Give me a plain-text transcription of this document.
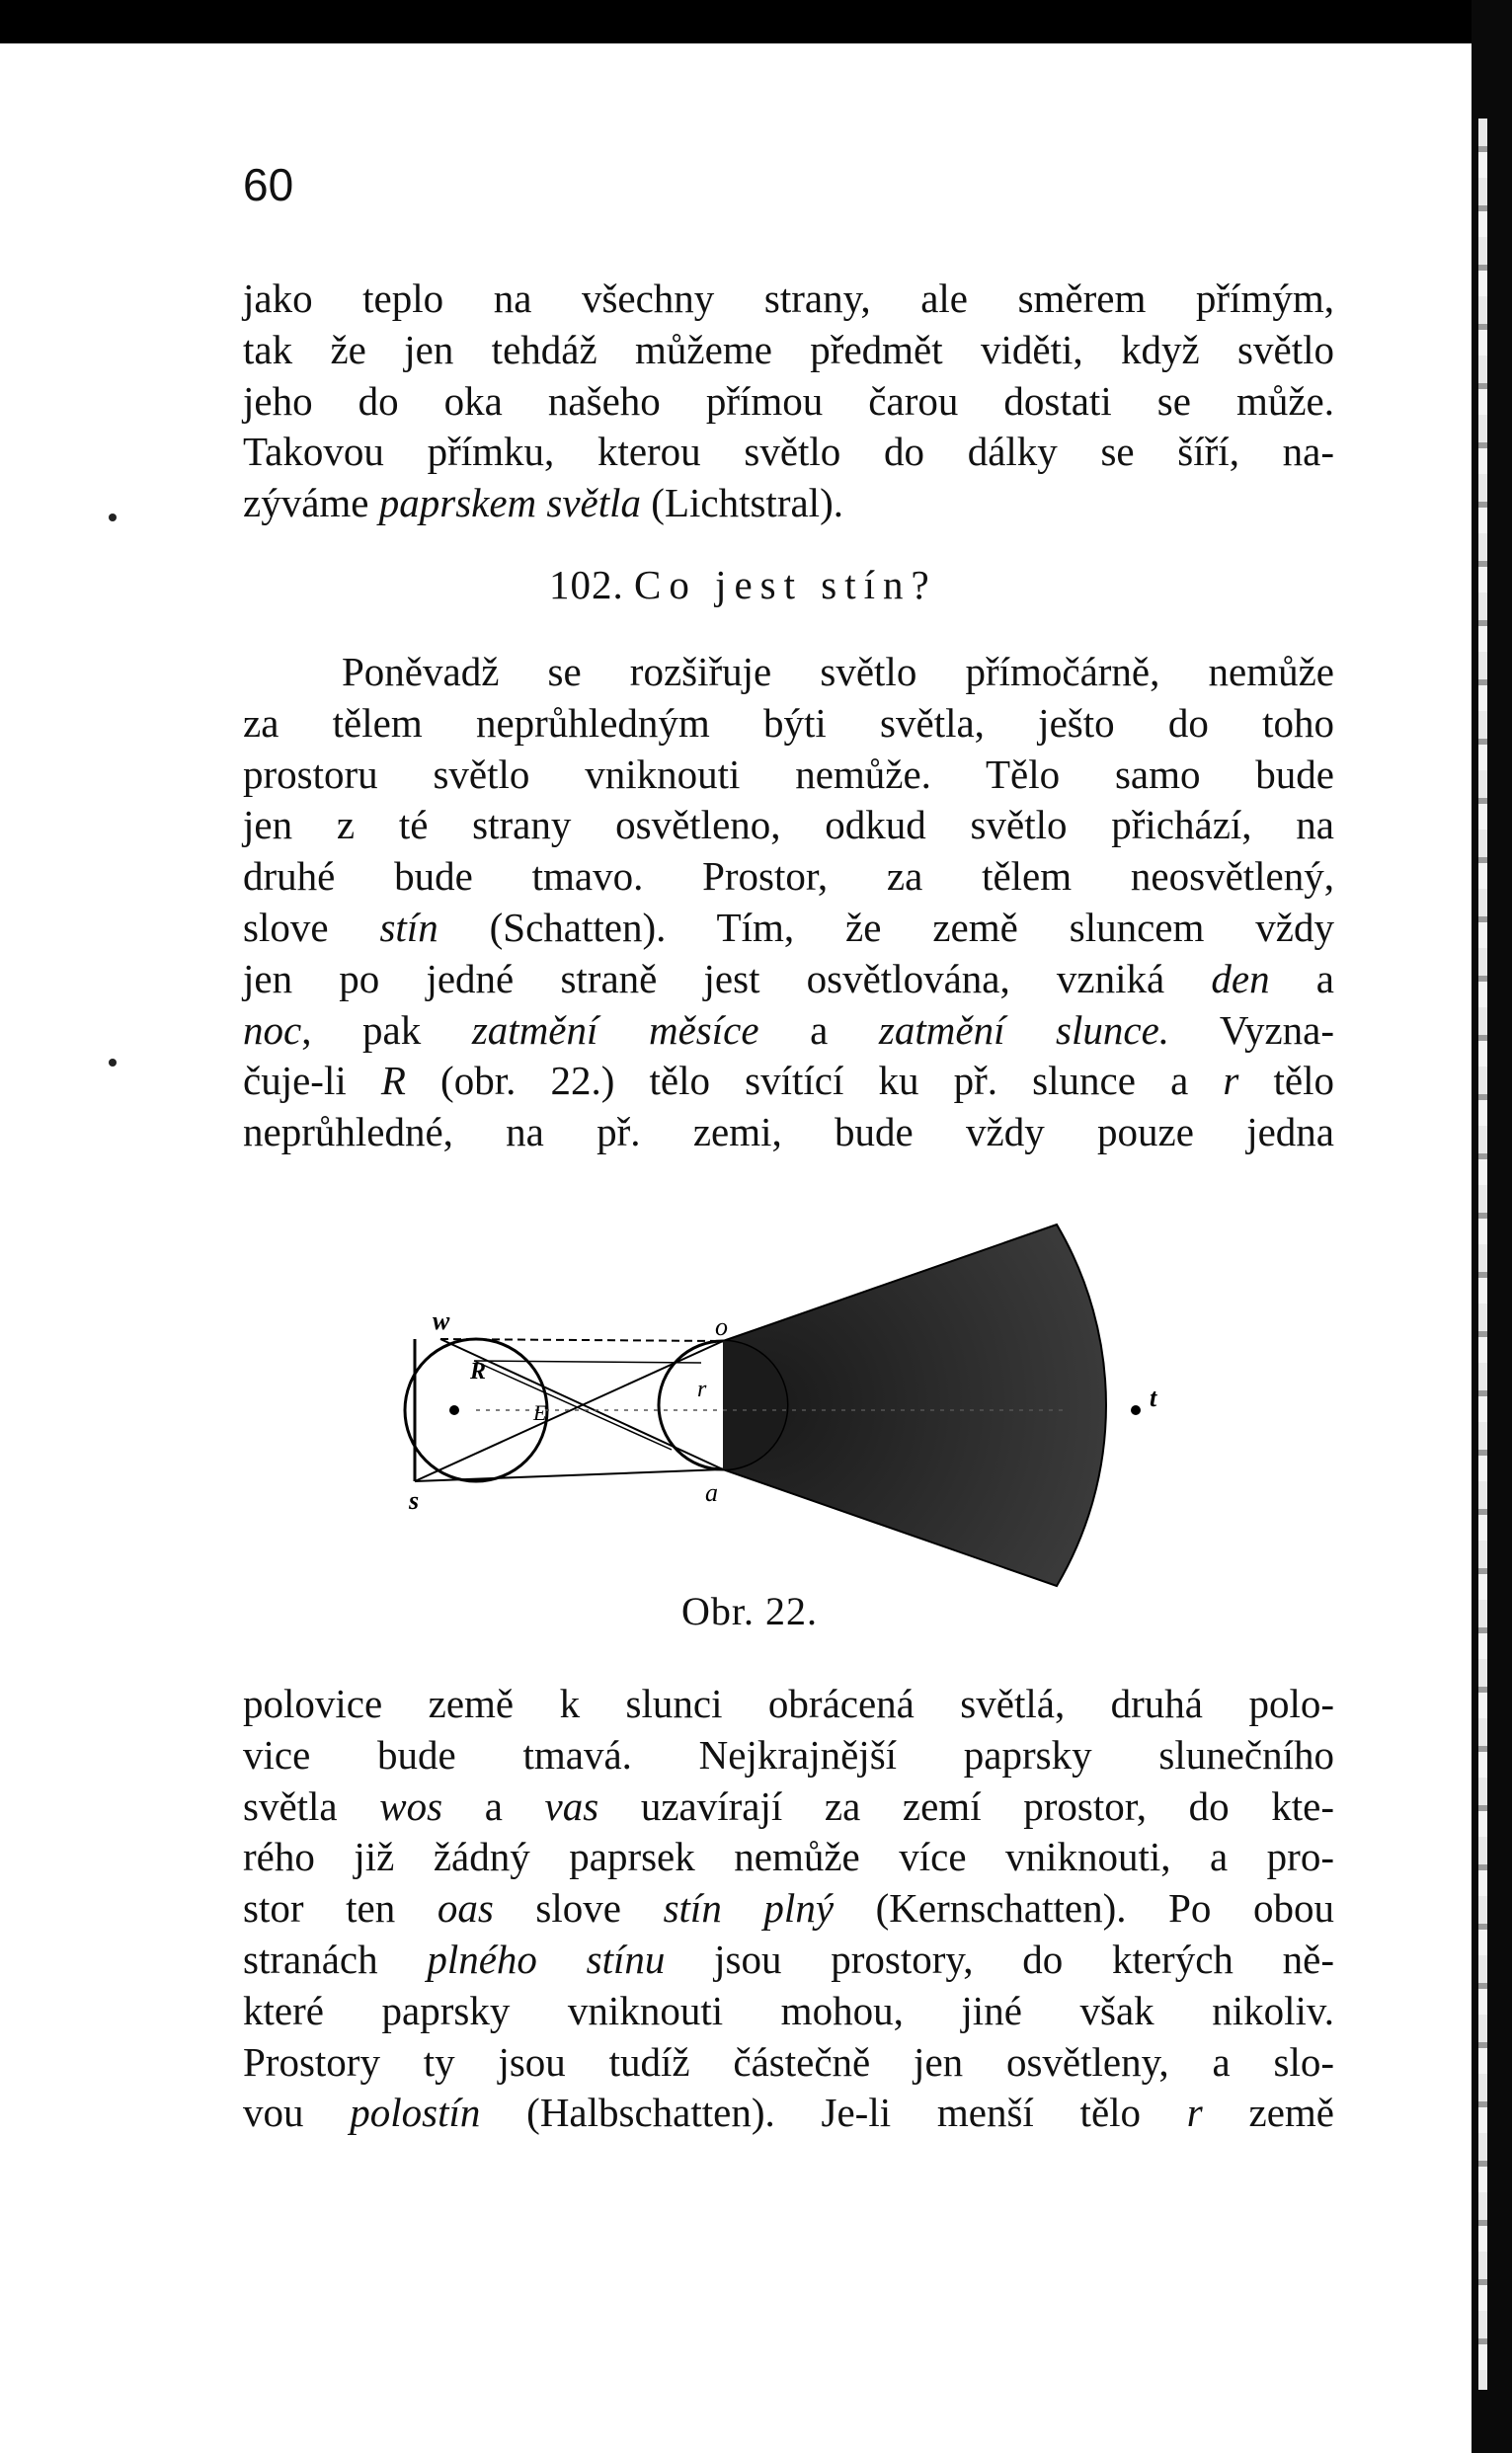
60
jako teplo na všechny strany, ale směrem přímým,
tak že jen tehdáž můžeme předmět viděti, když světlo
jeho do oka našeho přímou čarou dostati se může.
Takovou přímku, kterou světlo do dálky se šíří, na-
zýváme paprskem světla (Lichtstral).
102. Co jest stín?
Poněvadž se rozšiřuje světlo přímočárně, nemůže
za tělem neprůhledným býti světla, ješto do toho
prostoru světlo vniknouti nemůže. Tělo samo bude
jen z té strany osvětleno, odkud světlo přichází, na
druhé bude tmavo. Prostor, za tělem neosvětlený,
slove stín (Schatten). Tím, že země sluncem vždy
jen po jedné straně jest osvětlována, vzniká den a
noc, pak zatmění měsíce a zatmění slunce. Vyzna-
čuje-li R (obr. 22.) tělo svítící ku př. slunce a r tělo
neprůhledné, na př. zemi, bude vždy pouze jedna
w
R
s
E
o
r
a
t
Obr. 22.
polovice země k slunci obrácená světlá, druhá polo-
vice bude tmavá. Nejkrajnější paprsky slunečního
světla wos a vas uzavírají za zemí prostor, do kte-
rého již žádný paprsek nemůže více vniknouti, a pro-
stor ten oas slove stín plný (Kernschatten). Po obou
stranách plného stínu jsou prostory, do kterých ně-
které paprsky vniknouti mohou, jiné však nikoliv.
Prostory ty jsou tudíž částečně jen osvětleny, a slo-
vou polostín (Halbschatten). Je-li menší tělo r země
